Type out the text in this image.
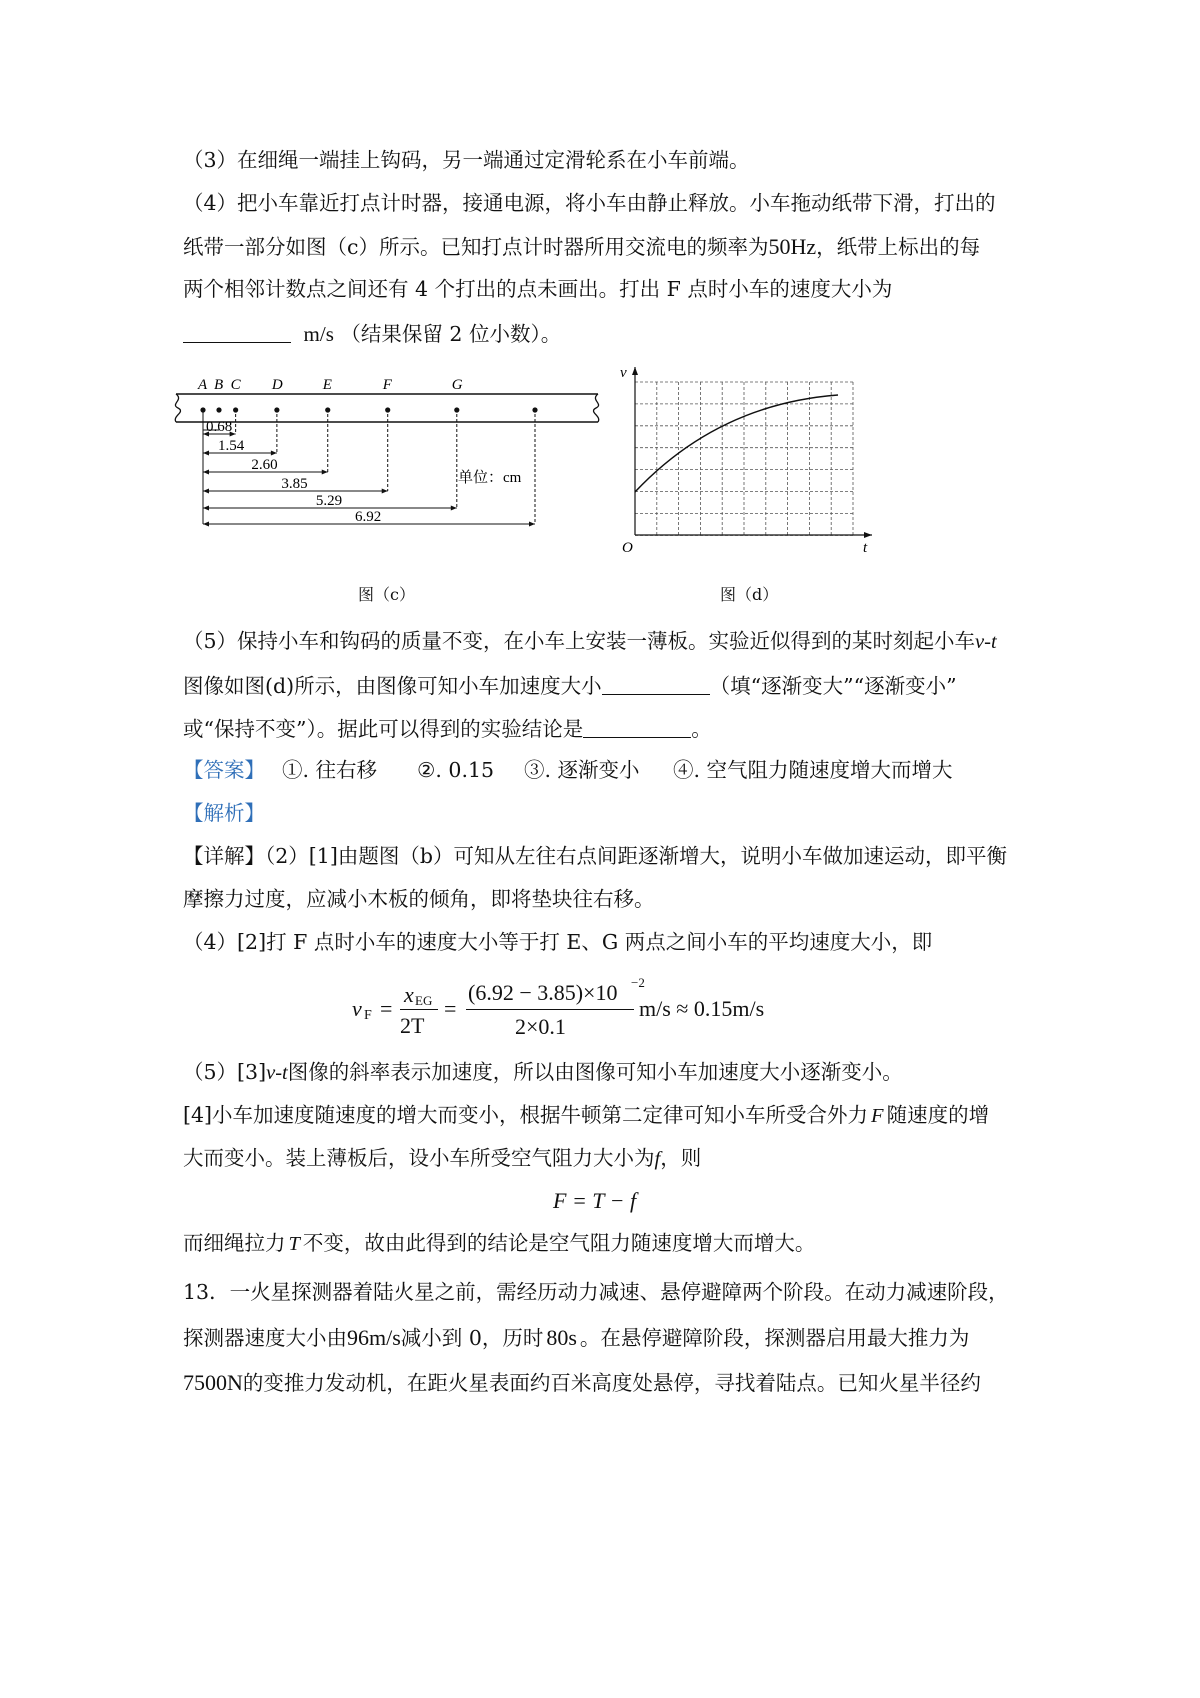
（3）在细绳一端挂上钩码，另一端通过定滑轮系在小车前端。
（4）把小车靠近打点计时器，接通电源，将小车由静止释放。小车拖动纸带下滑，打出的
纸带一部分如图（c）所示。已知打点计时器所用交流电的频率为50Hz，纸带上标出的每
两个相邻计数点之间还有 4 个打出的点未画出。打出 F 点时小车的速度大小为
m/s （结果保留 2 位小数）。
A B C D	E	F	G
0.68
1.54
2.60
3.85
5.29
6.92
单位：cm
图（c）
v
t
O
图（d）
（5）保持小车和钩码的质量不变，在小车上安装一薄板。实验近似得到的某时刻起小车v-t
图像如图(d)所示，由图像可知小车加速度大小	（填“逐渐变大”“逐渐变小”
或“保持不变”）。据此可以得到的实验结论是	。
【答案】 ①. 往右移 ②. 0.15 ③. 逐渐变小 ④. 空气阻力随速度增大而增大
【解析】
【详解】（2）[1]由题图（b）可知从左往右点间距逐渐增大，说明小车做加速运动，即平衡
摩擦力过度，应减小木板的倾角，即将垫块往右移。
（4）[2]打 F 点时小车的速度大小等于打 E、G 两点之间小车的平均速度大小，即
v F =
x EG
2T
=
(6.92 − 3.85)×10 −2
2×0.1
m/s ≈ 0.15m/s
（5）[3]v-t图像的斜率表示加速度，所以由图像可知小车加速度大小逐渐变小。
[4]小车加速度随速度的增大而变小，根据牛顿第二定律可知小车所受合外力 F 随速度的增
大而变小。装上薄板后，设小车所受空气阻力大小为f，则
F = T − f
而细绳拉力 T 不变，故由此得到的结论是空气阻力随速度增大而增大。
13．一火星探测器着陆火星之前，需经历动力减速、悬停避障两个阶段。在动力减速阶段，
探测器速度大小由96m/s减小到 0，历时 80s 。在悬停避障阶段，探测器启用最大推力为
7500N的变推力发动机，在距火星表面约百米高度处悬停，寻找着陆点。已知火星半径约
